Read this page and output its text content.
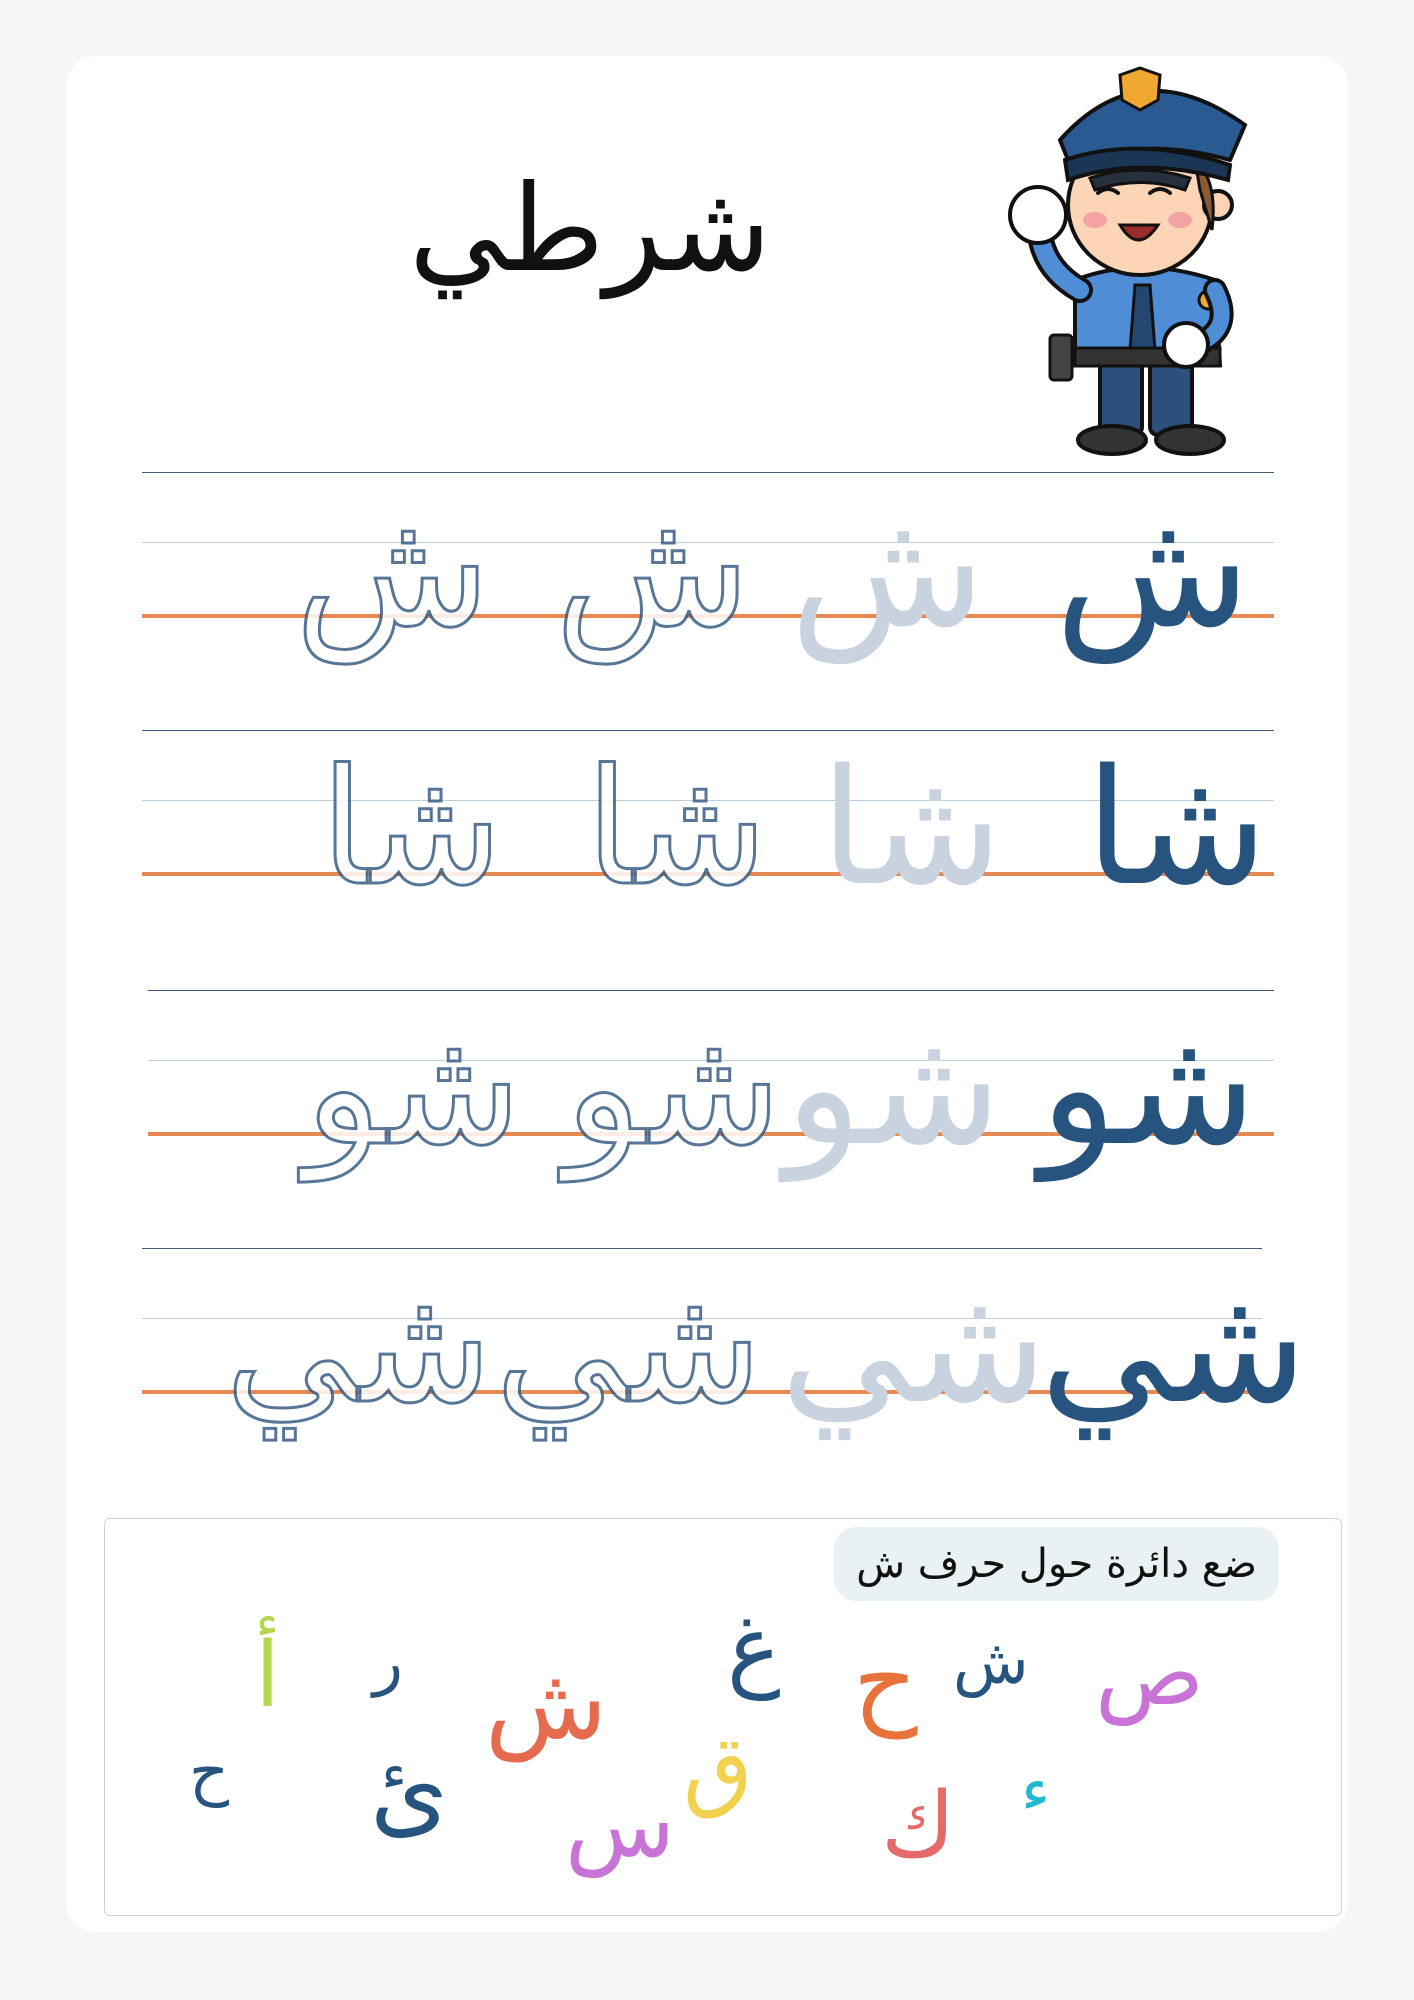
شرطي
ش
ش
ش
ش
شا
شا
شا
شا
شو
شو
شو
شو
شي
شي
شي
شي
ضع دائرة حول حرف ش
ص
ش
ح
غ
ش
ر
أ
ح ئ	ق
س ك ء
